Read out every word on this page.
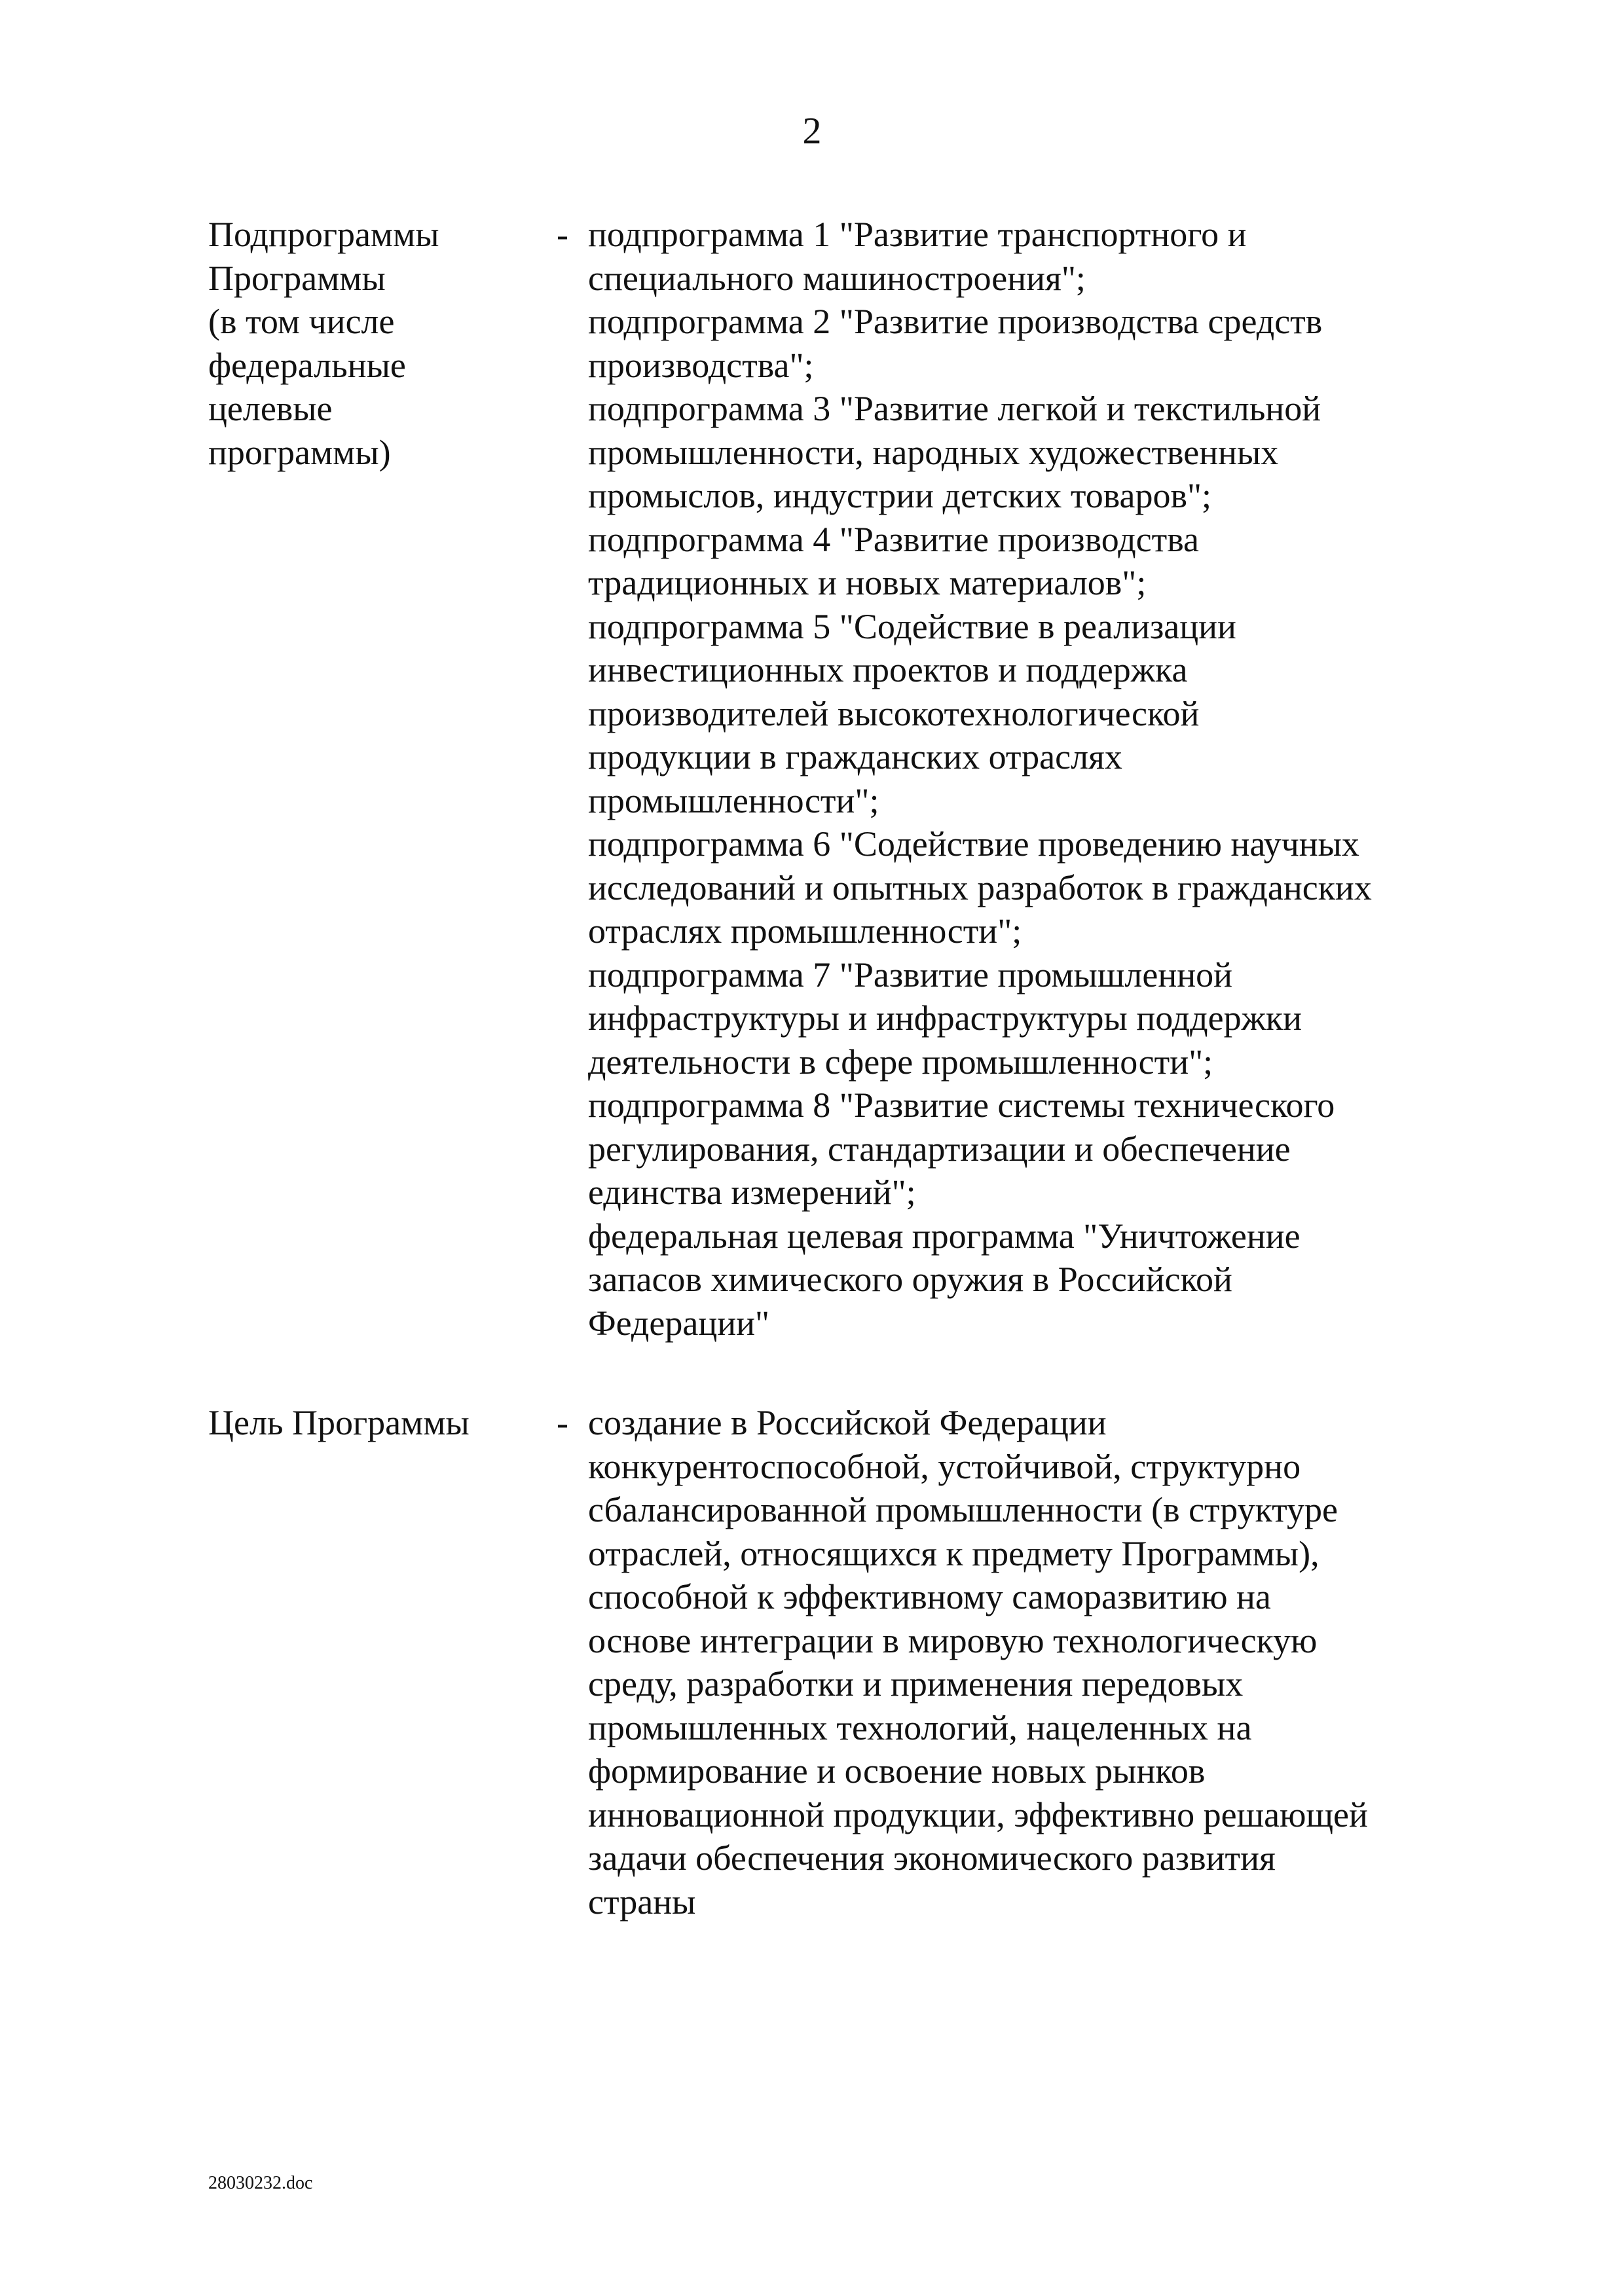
2
Подпрограммы
Программы
(в том числе
федеральные
целевые
программы)
- подпрограмма 1 "Развитие транспортного и
специального машиностроения";
подпрограмма 2 "Развитие производства средств
производства";
подпрограмма 3 "Развитие легкой и текстильной
промышленности, народных художественных
промыслов, индустрии детских товаров";
подпрограмма 4 "Развитие производства
традиционных и новых материалов";
подпрограмма 5 "Содействие в реализации
инвестиционных проектов и поддержка
производителей высокотехнологической
продукции в гражданских отраслях
промышленности";
подпрограмма 6 "Содействие проведению научных
исследований и опытных разработок в гражданских
отраслях промышленности";
подпрограмма 7 "Развитие промышленной
инфраструктуры и инфраструктуры поддержки
деятельности в сфере промышленности";
подпрограмма 8 "Развитие системы технического
регулирования, стандартизации и обеспечение
единства измерений";
федеральная целевая программа "Уничтожение
запасов химического оружия в Российской
Федерации"
Цель Программы	- создание в Российской Федерации
конкурентоспособной, устойчивой, структурно
сбалансированной промышленности (в структуре
отраслей, относящихся к предмету Программы),
способной к эффективному саморазвитию на
основе интеграции в мировую технологическую
среду, разработки и применения передовых
промышленных технологий, нацеленных на
формирование и освоение новых рынков
инновационной продукции, эффективно решающей
задачи обеспечения экономического развития
страны
28030232.doc
